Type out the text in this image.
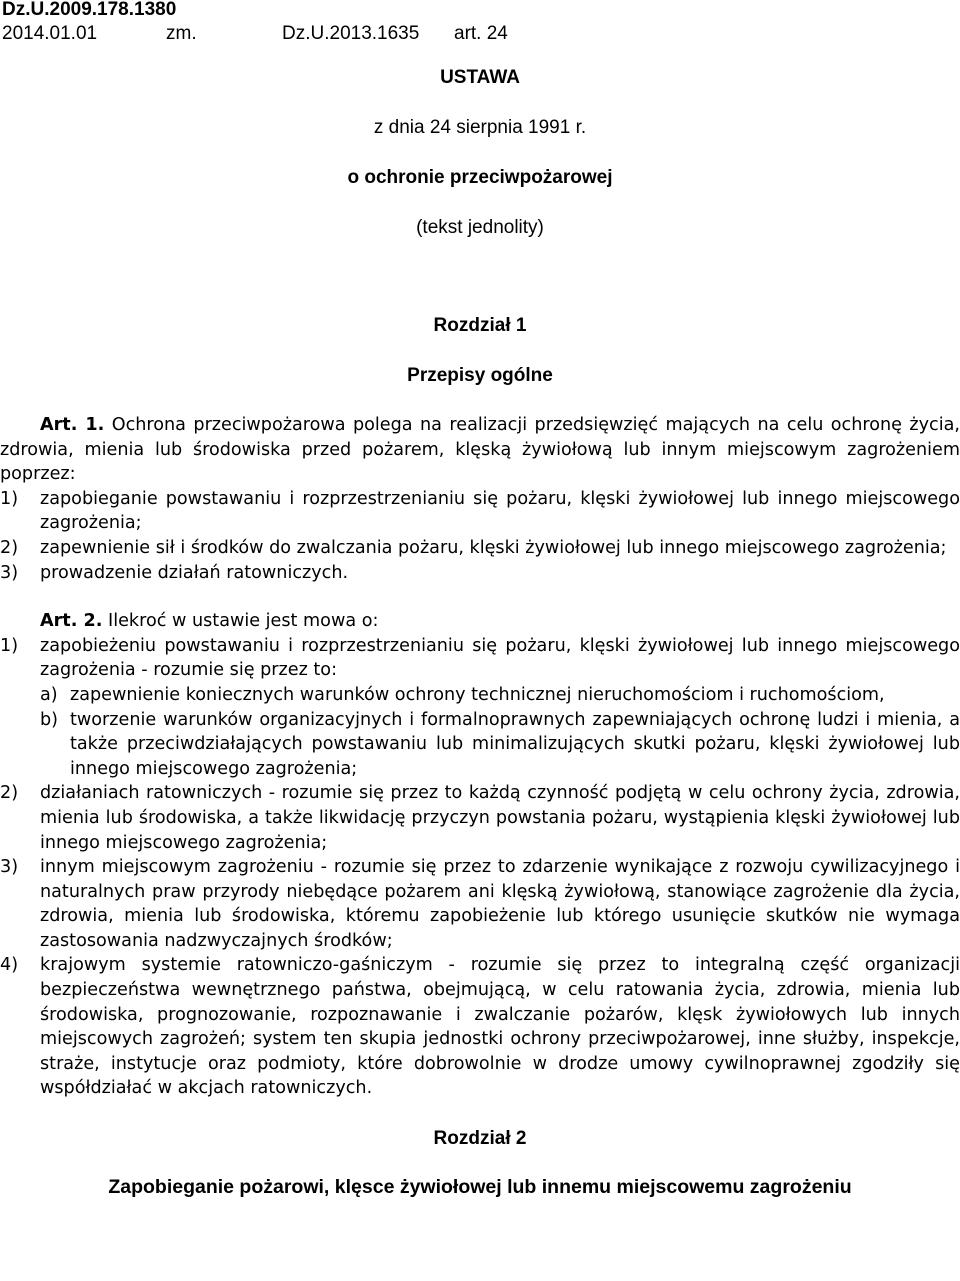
Dz.U.2009.178.1380
2014.01.01	zm.	Dz.U.2013.1635	art. 24
USTAWA
z dnia 24 sierpnia 1991 r.
o ochronie przeciwpożarowej
(tekst jednolity)
Rozdział 1
Przepisy ogólne

Art. 1. Ochrona przeciwpożarowa polega na realizacji przedsięwzięć mających na celu ochronę życia, zdrowia, mienia lub środowiska przed pożarem, klęską żywiołową lub innym miejscowym zagrożeniem poprzez:

1)	zapobieganie powstawaniu i rozprzestrzenianiu się pożaru, klęski żywiołowej lub innego miejscowego zagrożenia;
2)	zapewnienie sił i środków do zwalczania pożaru, klęski żywiołowej lub innego miejscowego zagrożenia;
3)	prowadzenie działań ratowniczych.

Art. 2. Ilekroć w ustawie jest mowa o:

1)	zapobieżeniu powstawaniu i rozprzestrzenianiu się pożaru, klęski żywiołowej lub innego miejscowego zagrożenia - rozumie się przez to:
a) zapewnienie koniecznych warunków ochrony technicznej nieruchomościom i ruchomościom,
b) tworzenie warunków organizacyjnych i formalnoprawnych zapewniających ochronę ludzi i mienia, a także przeciwdziałających powstawaniu lub minimalizujących skutki pożaru, klęski żywiołowej lub innego miejscowego zagrożenia;
2)	działaniach ratowniczych - rozumie się przez to każdą czynność podjętą w celu ochrony życia, zdrowia, mienia lub środowiska, a także likwidację przyczyn powstania pożaru, wystąpienia klęski żywiołowej lub innego miejscowego zagrożenia;
3)	innym miejscowym zagrożeniu - rozumie się przez to zdarzenie wynikające z rozwoju cywilizacyjnego i naturalnych praw przyrody niebędące pożarem ani klęską żywiołową, stanowiące zagrożenie dla życia, zdrowia, mienia lub środowiska, któremu zapobieżenie lub którego usunięcie skutków nie wymaga zastosowania nadzwyczajnych środków;
4)	krajowym systemie ratowniczo-gaśniczym - rozumie się przez to integralną część organizacji bezpieczeństwa wewnętrznego państwa, obejmującą, w celu ratowania życia, zdrowia, mienia lub środowiska, prognozowanie, rozpoznawanie i zwalczanie pożarów, klęsk żywiołowych lub innych miejscowych zagrożeń; system ten skupia jednostki ochrony przeciwpożarowej, inne służby, inspekcje, straże, instytucje oraz podmioty, które dobrowolnie w drodze umowy cywilnoprawnej zgodziły się współdziałać w akcjach ratowniczych.
Rozdział 2
Zapobieganie pożarowi, klęsce żywiołowej lub innemu miejscowemu zagrożeniu
